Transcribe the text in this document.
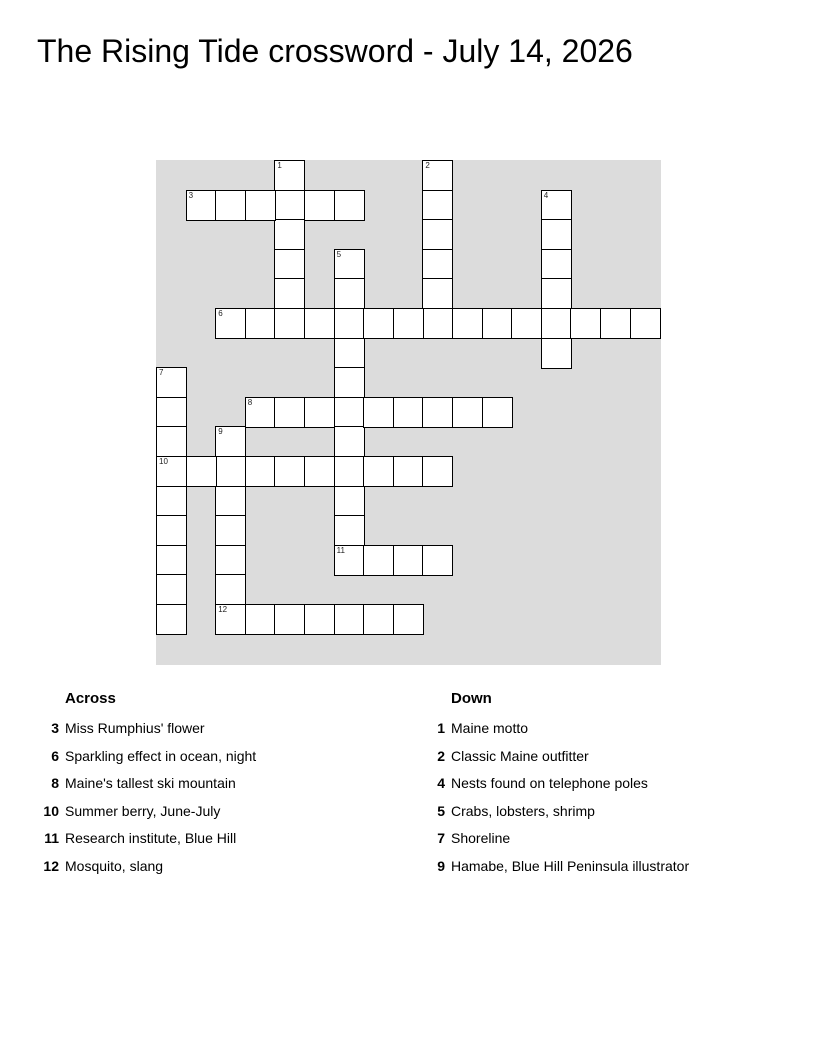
The Rising Tide crossword - July 14, 2026
1	2
3	4
5
11
6
7
10
8
9
12
Across
3 Miss Rumphius' flower
6 Sparkling effect in ocean, night
8 Maine's tallest ski mountain
10 Summer berry, June-July
11 Research institute, Blue Hill
12 Mosquito, slang
Down
1 Maine motto
2 Classic Maine outfitter
4 Nests found on telephone poles
5 Crabs, lobsters, shrimp
7 Shoreline
9 Hamabe, Blue Hill Peninsula illustrator
